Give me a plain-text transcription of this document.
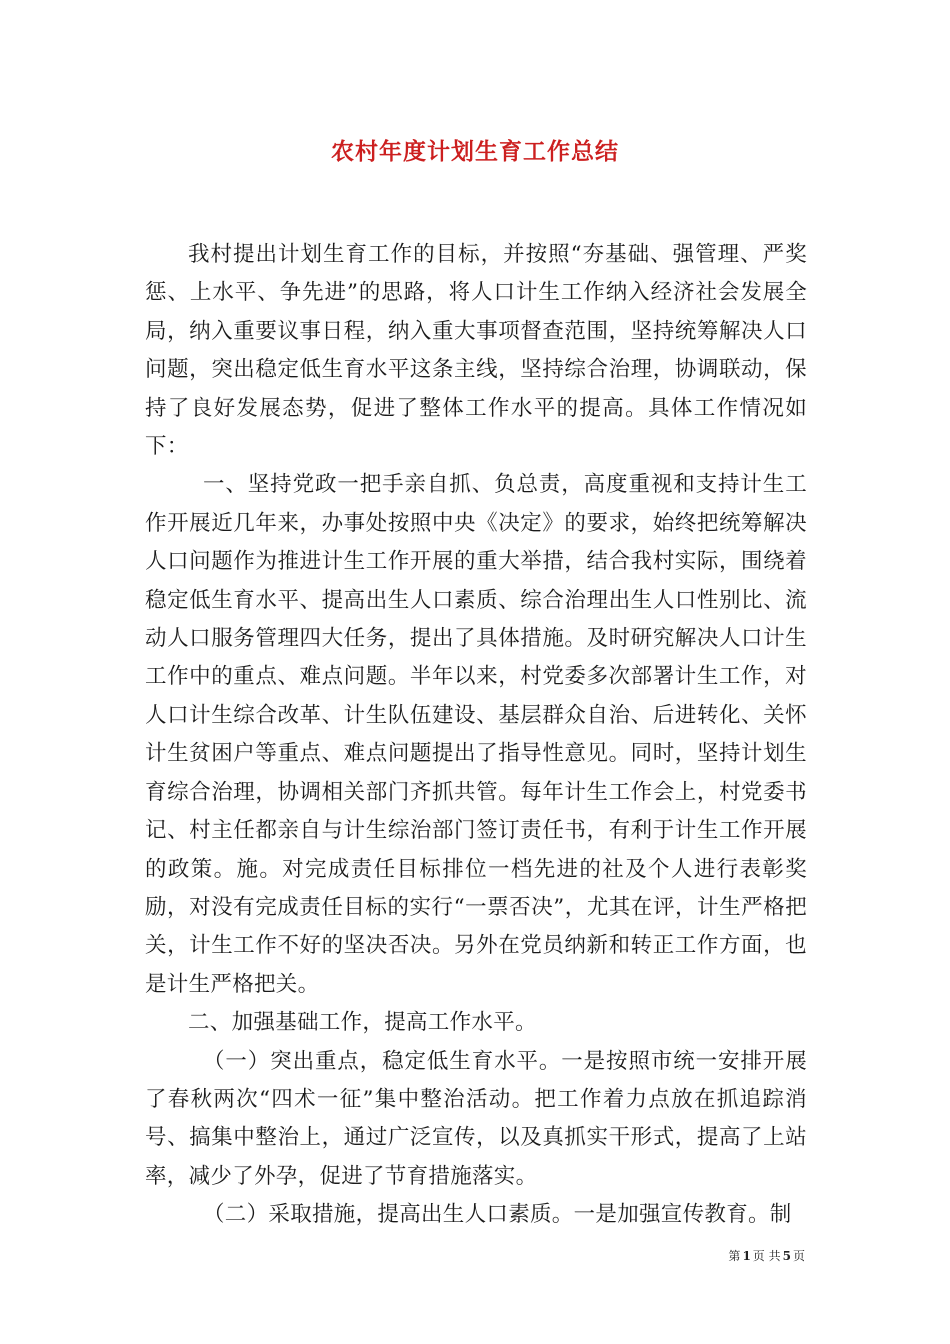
农村年度计划生育工作总结

我村提出计划生育工作的目标，并按照“夯基础、强管理、严奖惩、上水平、争先进”的思路，将人口计生工作纳入经济社会发展全局，纳入重要议事日程，纳入重大事项督查范围，坚持统筹解决人口问题，突出稳定低生育水平这条主线，坚持综合治理，协调联动，保持了良好发展态势，促进了整体工作水平的提高。具体工作情况如下：

一、坚持党政一把手亲自抓、负总责，高度重视和支持计生工作开展近几年来，办事处按照中央《决定》的要求，始终把统筹解决人口问题作为推进计生工作开展的重大举措，结合我村实际，围绕着稳定低生育水平、提高出生人口素质、综合治理出生人口性别比、流动人口服务管理四大任务，提出了具体措施。及时研究解决人口计生工作中的重点、难点问题。半年以来，村党委多次部署计生工作，对人口计生综合改革、计生队伍建设、基层群众自治、后进转化、关怀计生贫困户等重点、难点问题提出了指导性意见。同时，坚持计划生育综合治理，协调相关部门齐抓共管。每年计生工作会上，村党委书记、村主任都亲自与计生综治部门签订责任书，有利于计生工作开展的政策。施。对完成责任目标排位一档先进的社及个人进行表彰奖励，对没有完成责任目标的实行“一票否决”，尤其在评，计生严格把关，计生工作不好的坚决否决。另外在党员纳新和转正工作方面，也是计生严格把关。

二、加强基础工作，提高工作水平。

（一）突出重点，稳定低生育水平。一是按照市统一安排开展了春秋两次“四术一征”集中整治活动。把工作着力点放在抓追踪消号、搞集中整治上，通过广泛宣传，以及真抓实干形式，提高了上站率，减少了外孕，促进了节育措施落实。

（二）采取措施，提高出生人口素质。一是加强宣传教育。制

第 1 页 共 5 页
